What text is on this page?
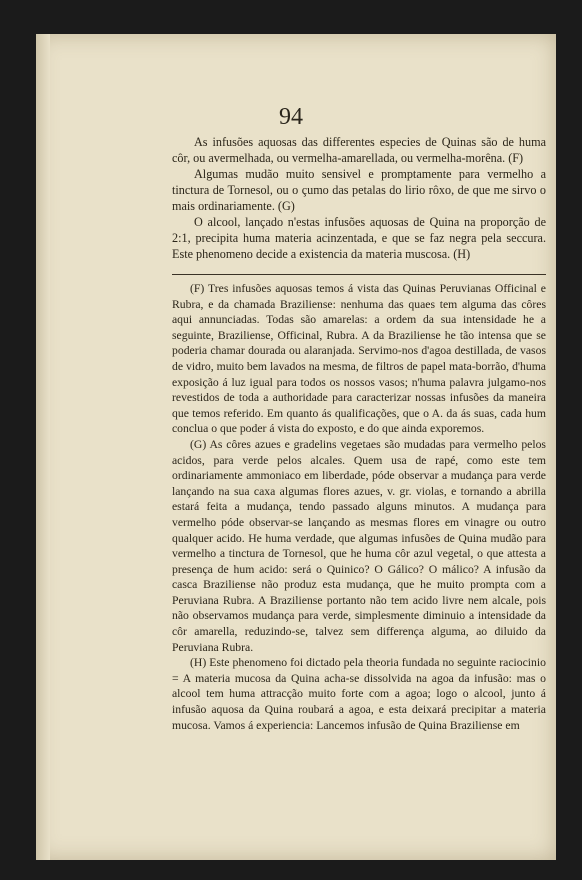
94

As infusões aquosas das differentes especies de Quinas são de huma côr, ou avermelhada, ou vermelha-amarellada, ou vermelha-morêna. (F)

Algumas mudão muito sensivel e promptamente para vermelho a tinctura de Tornesol, ou o çumo das petalas do lirio rôxo, de que me sirvo o mais ordinariamente. (G)

O alcool, lançado n'estas infusões aquosas de Quina na proporção de 2:1, precipita huma materia acinzentada, e que se faz negra pela seccura. Este phenomeno decide a existencia da materia muscosa. (H)

(F) Tres infusões aquosas temos á vista das Quinas Peruvianas Officinal e Rubra, e da chamada Braziliense: nenhuma das quaes tem alguma das côres aqui annunciadas. Todas são amarelas: a ordem da sua intensidade he a seguinte, Braziliense, Officinal, Rubra. A da Braziliense he tão intensa que se poderia chamar dourada ou alaranjada. Servimo-nos d'agoa destillada, de vasos de vidro, muito bem lavados na mesma, de filtros de papel mata-borrão, d'huma exposição á luz igual para todos os nossos vasos; n'huma palavra julgamo-nos revestidos de toda a authoridade para caracterizar nossas infusões da maneira que temos referido. Em quanto ás qualificações, que o A. da ás suas, cada hum conclua o que poder á vista do exposto, e do que ainda exporemos.

(G) As côres azues e gradelins vegetaes são mudadas para vermelho pelos acidos, para verde pelos alcales. Quem usa de rapé, como este tem ordinariamente ammoniaco em liberdade, póde observar a mudança para verde lançando na sua caxa algumas flores azues, v. gr. violas, e tornando a abrilla estará feita a mudança, tendo passado alguns minutos. A mudança para vermelho póde observar-se lançando as mesmas flores em vinagre ou outro qualquer acido. He huma verdade, que algumas infusões de Quina mudão para vermelho a tinctura de Tornesol, que he huma côr azul vegetal, o que attesta a presença de hum acido: será o Quinico? O Gálico? O málico? A infusão da casca Braziliense não produz esta mudança, que he muito prompta com a Peruviana Rubra. A Braziliense portanto não tem acido livre nem alcale, pois não observamos mudança para verde, simplesmente diminuio a intensidade da côr amarella, reduzindo-se, talvez sem differença alguma, ao diluido da Peruviana Rubra.

(H) Este phenomeno foi dictado pela theoria fundada no seguinte raciocinio = A materia mucosa da Quina acha-se dissolvida na agoa da infusão: mas o alcool tem huma attracção muito forte com a agoa; logo o alcool, junto á infusão aquosa da Quina roubará a agoa, e esta deixará precipitar a materia mucosa. Vamos á experiencia: Lancemos infusão de Quina Braziliense em
